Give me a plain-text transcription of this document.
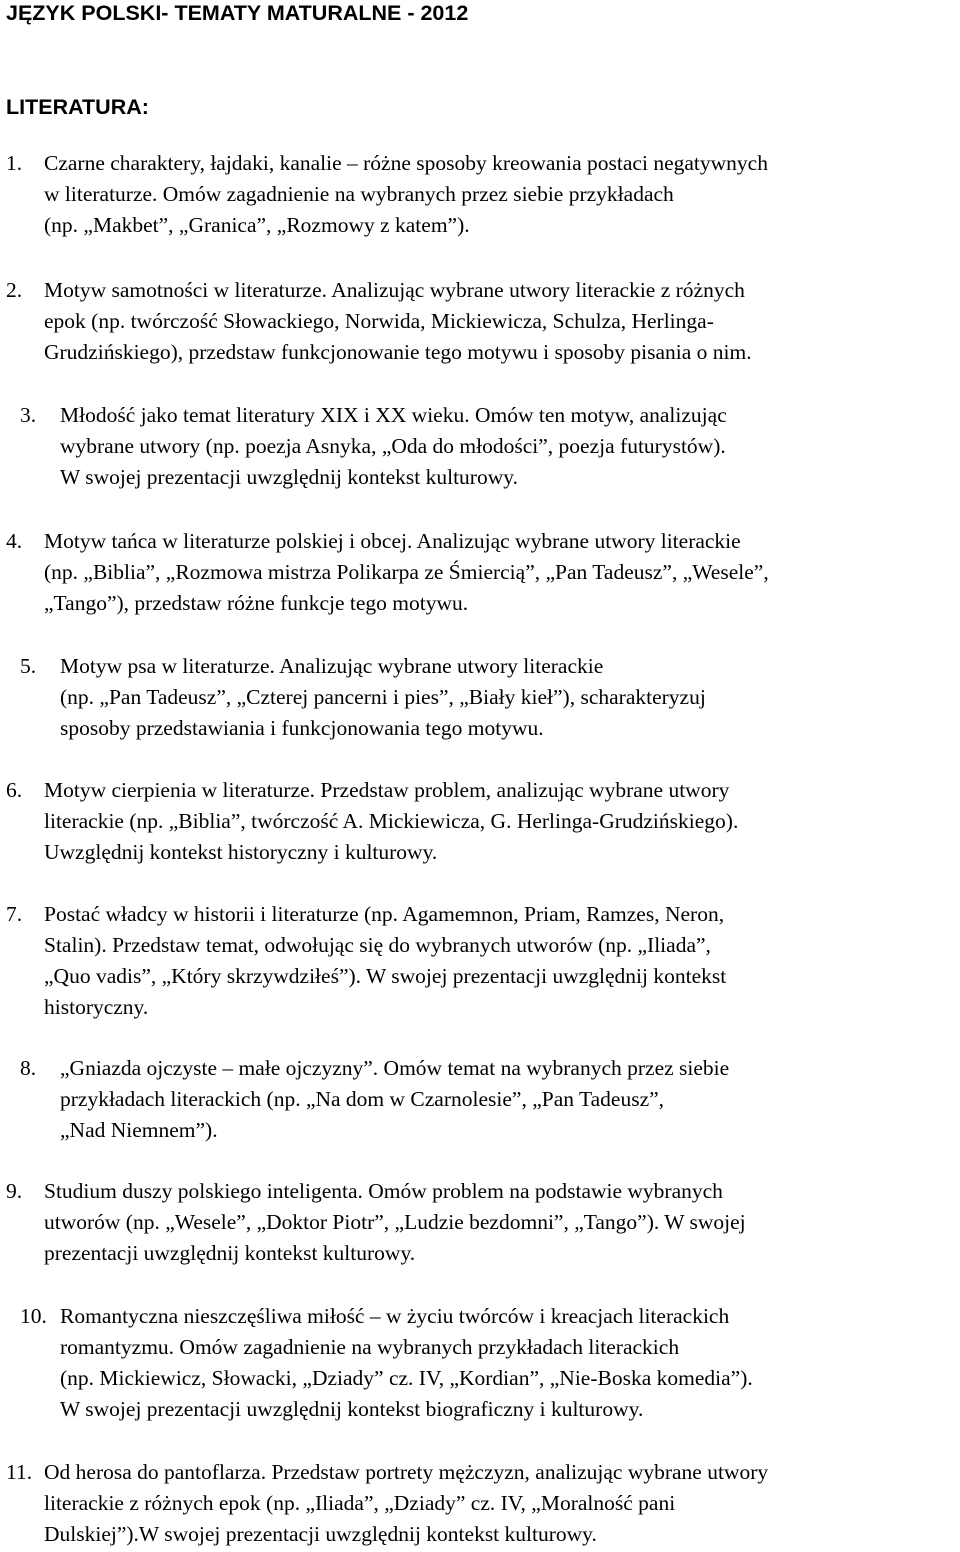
JĘZYK POLSKI- TEMATY MATURALNE - 2012
LITERATURA:
1. Czarne charaktery, łajdaki, kanalie – różne sposoby kreowania postaci negatywnych
w literaturze. Omów zagadnienie na wybranych przez siebie przykładach
(np. „Makbet”, „Granica”, „Rozmowy z katem”).
2. Motyw samotności w literaturze. Analizując wybrane utwory literackie z różnych
epok (np. twórczość Słowackiego, Norwida, Mickiewicza, Schulza, Herlinga-
Grudzińskiego), przedstaw funkcjonowanie tego motywu i sposoby pisania o nim.
3. Młodość jako temat literatury XIX i XX wieku. Omów ten motyw, analizując
wybrane utwory (np. poezja Asnyka, „Oda do młodości”, poezja futurystów).
W swojej prezentacji uwzględnij kontekst kulturowy.
4. Motyw tańca w literaturze polskiej i obcej. Analizując wybrane utwory literackie
(np. „Biblia”, „Rozmowa mistrza Polikarpa ze Śmiercią”, „Pan Tadeusz”, „Wesele”,
„Tango”), przedstaw różne funkcje tego motywu.
5. Motyw psa w literaturze. Analizując wybrane utwory literackie
(np. „Pan Tadeusz”, „Czterej pancerni i pies”, „Biały kieł”), scharakteryzuj
sposoby przedstawiania i funkcjonowania tego motywu.
6. Motyw cierpienia w literaturze. Przedstaw problem, analizując wybrane utwory
literackie (np. „Biblia”, twórczość A. Mickiewicza, G. Herlinga-Grudzińskiego).
Uwzględnij kontekst historyczny i kulturowy.
7. Postać władcy w historii i literaturze (np. Agamemnon, Priam, Ramzes, Neron,
Stalin). Przedstaw temat, odwołując się do wybranych utworów (np. „Iliada”,
„Quo vadis”, „Który skrzywdziłeś”). W swojej prezentacji uwzględnij kontekst
historyczny.
8. „Gniazda ojczyste – małe ojczyzny”. Omów temat na wybranych przez siebie
przykładach literackich (np. „Na dom w Czarnolesie”, „Pan Tadeusz”,
„Nad Niemnem”).
9. Studium duszy polskiego inteligenta. Omów problem na podstawie wybranych
utworów (np. „Wesele”, „Doktor Piotr”, „Ludzie bezdomni”, „Tango”). W swojej
prezentacji uwzględnij kontekst kulturowy.
10. Romantyczna nieszczęśliwa miłość – w życiu twórców i kreacjach literackich
romantyzmu. Omów zagadnienie na wybranych przykładach literackich
(np. Mickiewicz, Słowacki, „Dziady” cz. IV, „Kordian”, „Nie-Boska komedia”).
W swojej prezentacji uwzględnij kontekst biograficzny i kulturowy.
11. Od herosa do pantoflarza. Przedstaw portrety mężczyzn, analizując wybrane utwory
literackie z różnych epok (np. „Iliada”, „Dziady” cz. IV, „Moralność pani
Dulskiej”).W swojej prezentacji uwzględnij kontekst kulturowy.
